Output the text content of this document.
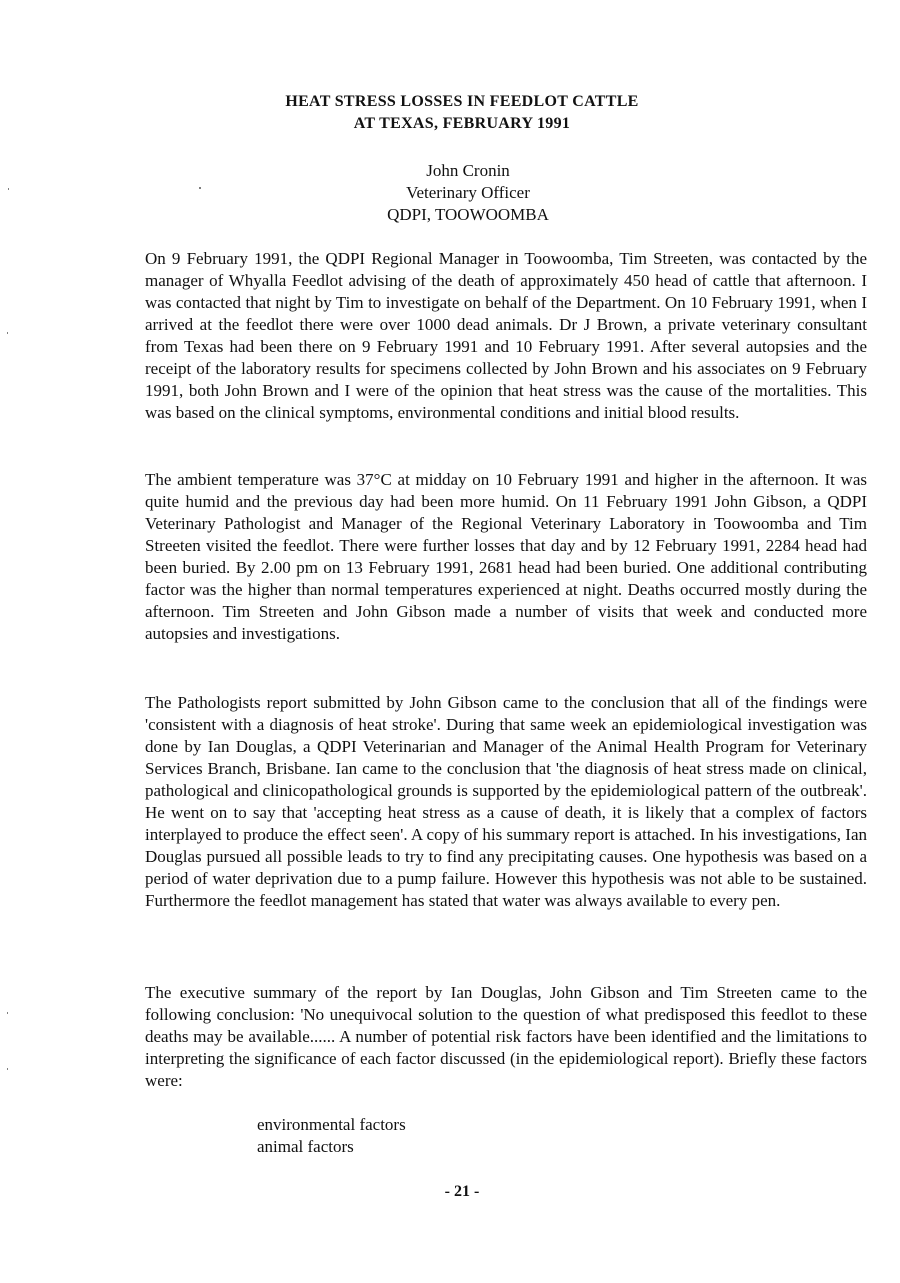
HEAT STRESS LOSSES IN FEEDLOT CATTLE
AT TEXAS, FEBRUARY 1991
John Cronin
Veterinary Officer
QDPI, TOOWOOMBA

On 9 February 1991, the QDPI Regional Manager in Toowoomba, Tim Streeten, was contacted by the manager of Whyalla Feedlot advising of the death of approximately 450 head of cattle that afternoon. I was contacted that night by Tim to investigate on behalf of the Department. On 10 February 1991, when I arrived at the feedlot there were over 1000 dead animals. Dr J Brown, a private veterinary consultant from Texas had been there on 9 February 1991 and 10 February 1991. After several autopsies and the receipt of the laboratory results for specimens collected by John Brown and his associates on 9 February 1991, both John Brown and I were of the opinion that heat stress was the cause of the mortalities. This was based on the clinical symptoms, environmental conditions and initial blood results.

The ambient temperature was 37°C at midday on 10 February 1991 and higher in the afternoon. It was quite humid and the previous day had been more humid. On 11 February 1991 John Gibson, a QDPI Veterinary Pathologist and Manager of the Regional Veterinary Laboratory in Toowoomba and Tim Streeten visited the feedlot. There were further losses that day and by 12 February 1991, 2284 head had been buried. By 2.00 pm on 13 February 1991, 2681 head had been buried. One additional contributing factor was the higher than normal temperatures experienced at night. Deaths occurred mostly during the afternoon. Tim Streeten and John Gibson made a number of visits that week and conducted more autopsies and investigations.

The Pathologists report submitted by John Gibson came to the conclusion that all of the findings were 'consistent with a diagnosis of heat stroke'. During that same week an epidemiological investigation was done by Ian Douglas, a QDPI Veterinarian and Manager of the Animal Health Program for Veterinary Services Branch, Brisbane. Ian came to the conclusion that 'the diagnosis of heat stress made on clinical, pathological and clinicopathological grounds is supported by the epidemiological pattern of the outbreak'. He went on to say that 'accepting heat stress as a cause of death, it is likely that a complex of factors interplayed to produce the effect seen'. A copy of his summary report is attached. In his investigations, Ian Douglas pursued all possible leads to try to find any precipitating causes. One hypothesis was based on a period of water deprivation due to a pump failure. However this hypothesis was not able to be sustained. Furthermore the feedlot management has stated that water was always available to every pen.

The executive summary of the report by Ian Douglas, John Gibson and Tim Streeten came to the following conclusion: 'No unequivocal solution to the question of what predisposed this feedlot to these deaths may be available...... A number of potential risk factors have been identified and the limitations to interpreting the significance of each factor discussed (in the epidemiological report). Briefly these factors were:

environmental factors
animal factors
- 21 -
